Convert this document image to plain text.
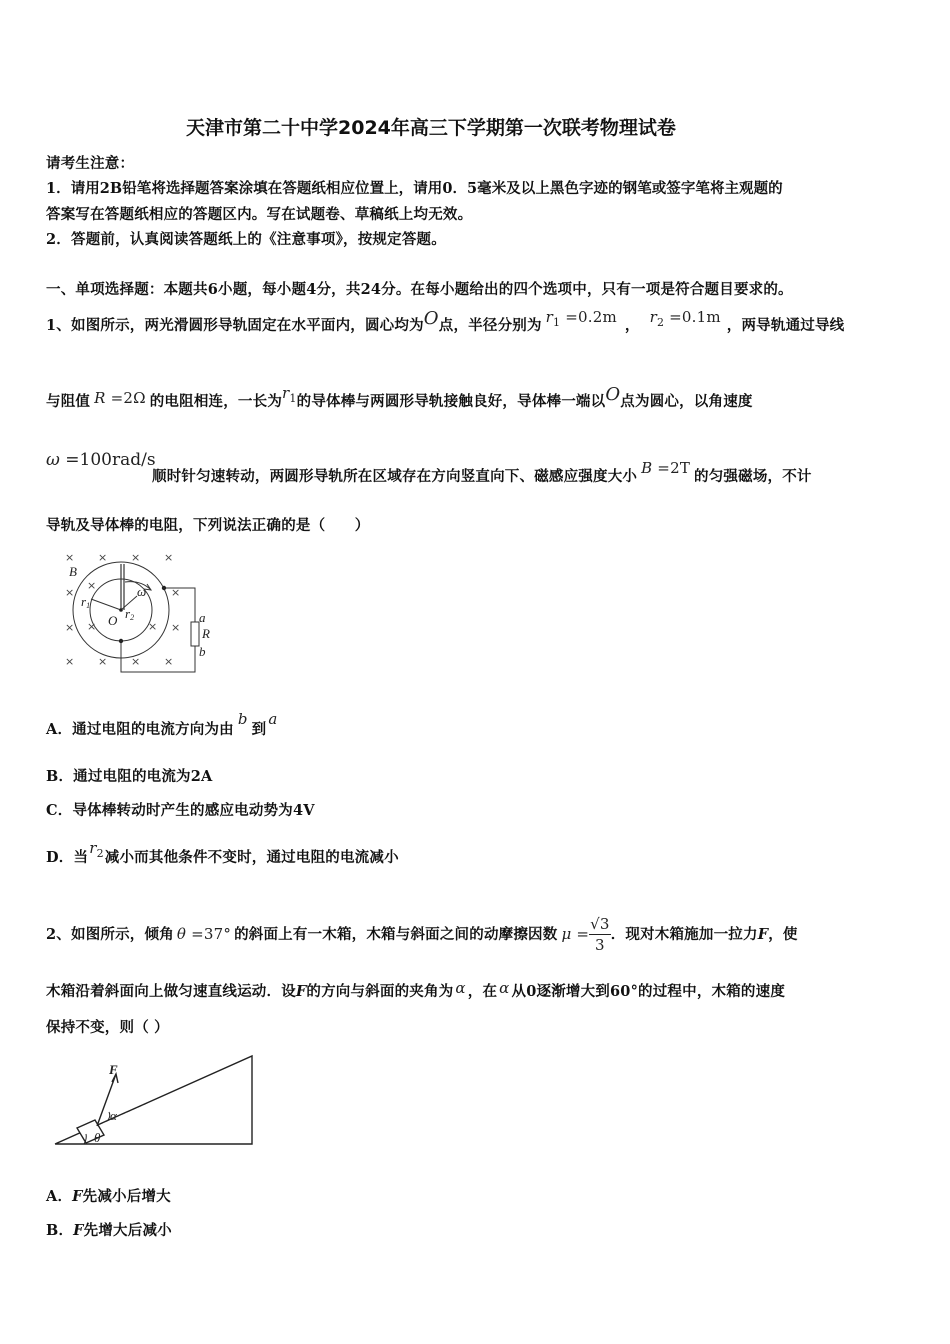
天津市第二十中学2024年高三下学期第一次联考物理试卷
请考生注意：
1．请用2B铅笔将选择题答案涂填在答题纸相应位置上，请用0．5毫米及以上黑色字迹的钢笔或签字笔将主观题的
答案写在答题纸相应的答题区内。写在试题卷、草稿纸上均无效。
2．答题前，认真阅读答题纸上的《注意事项》，按规定答题。
一、单项选择题：本题共6小题，每小题4分，共24分。在每小题给出的四个选项中，只有一项是符合题目要求的。
1、如图所示，两光滑圆形导轨固定在水平面内，圆心均为O点，半径分别为 $r_1 =0.2m$ ， $r_2 =0.1m$ ，两导轨通过导线
与阻值 R =2Ω 的电阻相连，一长为$r_1$的导体棒与两圆形导轨接触良好，导体棒一端以O点为圆心，以角速度
ω =100rad/s
顺时针匀速转动，两圆形导轨所在区域存在方向竖直向下、磁感应强度大小 B =2T 的匀强磁场，不计
导轨及导体棒的电阻，下列说法正确的是（　　）
× × × ×
×	×
×	×
× × × ×
×
×	×
B
r1
r2
O
ω
a
R
b
A．通过电阻的电流方向为由b到a
B．通过电阻的电流为2A
C．导体棒转动时产生的感应电动势为4V
D．当$r_2$减小而其他条件不变时，通过电阻的电流减小
2、如图所示，倾角 θ =37° 的斜面上有一木箱，木箱与斜面之间的动摩擦因数 $\mu = \frac{√3}{3}$ ．现对木箱施加一拉力F，使
木箱沿着斜面向上做匀速直线运动．设F的方向与斜面的夹角为 α ，在 α 从0逐渐增大到60°的过程中，木箱的速度
保持不变，则（ ）
F
α
θ
A．F先减小后增大
B．F先增大后减小
